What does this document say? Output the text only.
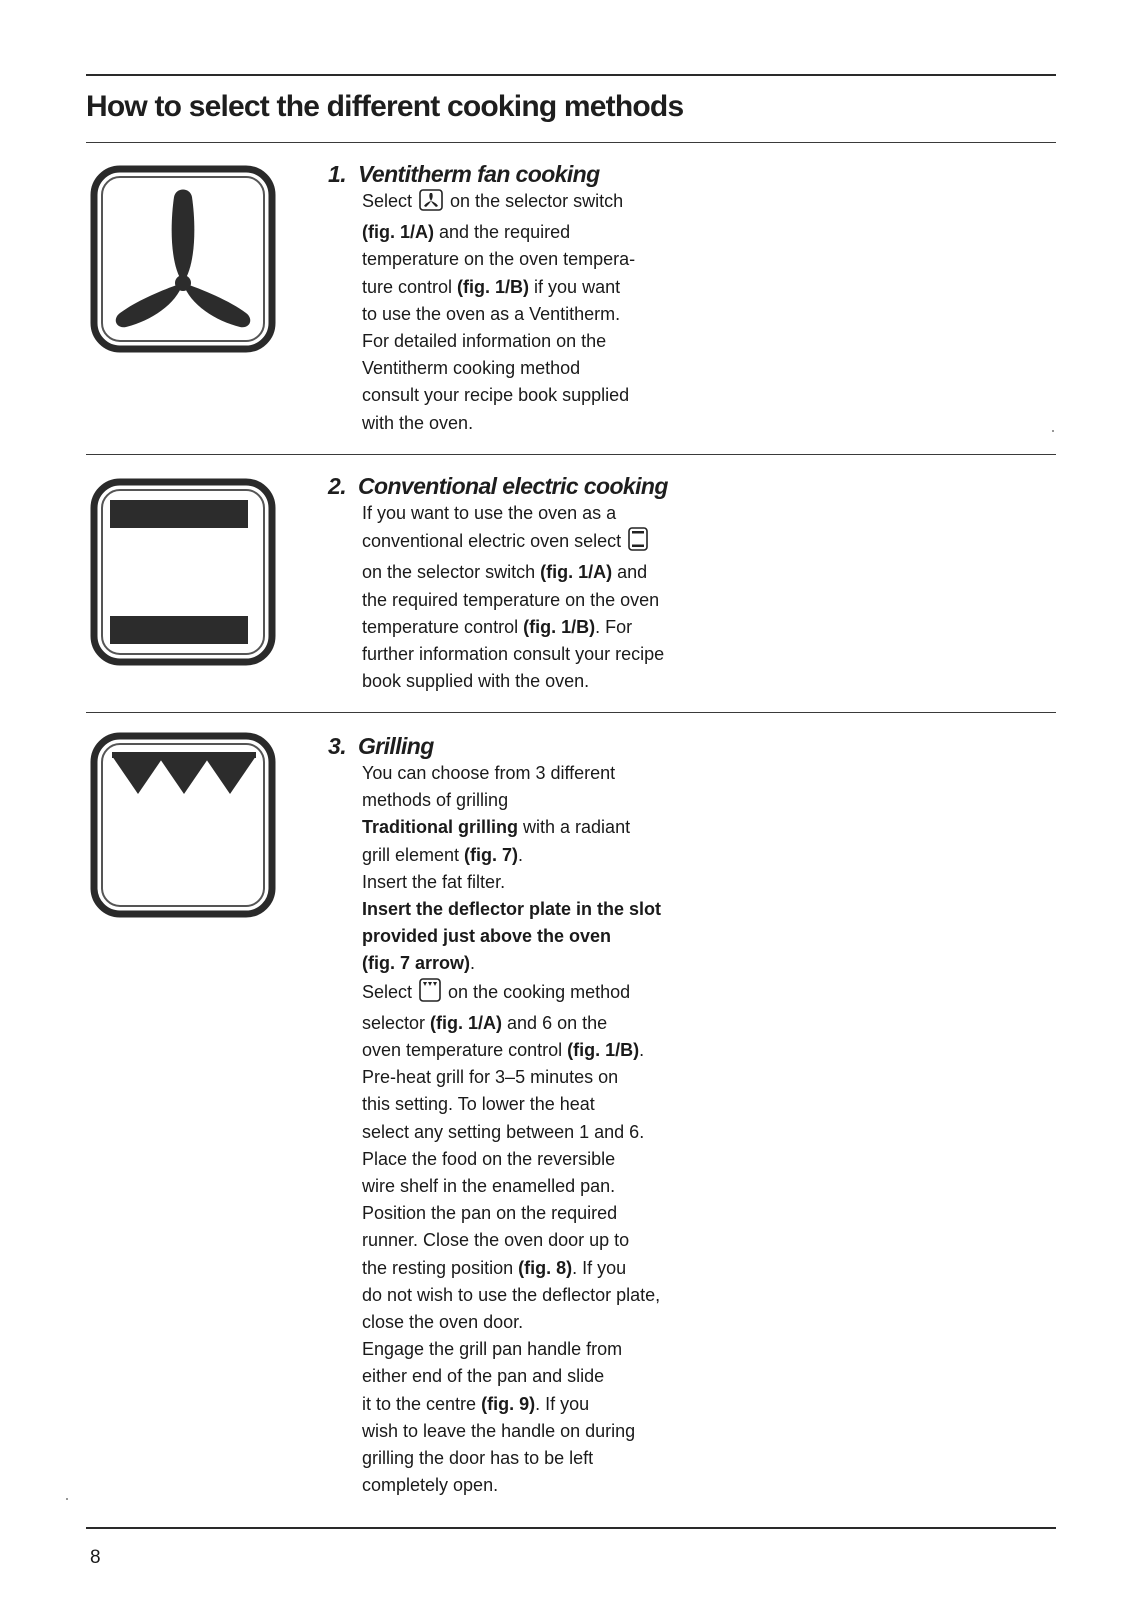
How to select the different cooking methods
1. Ventitherm fan cooking

Select  on the selector switch

(fig. 1/A) and the required

temperature on the oven tempera-

ture control (fig. 1/B) if you want

to use the oven as a Ventitherm.

For detailed information on the

Ventitherm cooking method

consult your recipe book supplied

with the oven.

2. Conventional electric cooking

If you want to use the oven as a

conventional electric oven select

on the selector switch (fig. 1/A) and

the required temperature on the oven

temperature control (fig. 1/B). For

further information consult your recipe

book supplied with the oven.

3. Grilling

You can choose from 3 different

methods of grilling

Traditional grilling with a radiant

grill element (fig. 7).

Insert the fat filter.

Insert the deflector plate in the slot

provided just above the oven

(fig. 7 arrow).

Select  on the cooking method

selector (fig. 1/A) and 6 on the

oven temperature control (fig. 1/B).

Pre-heat grill for 3–5 minutes on

this setting. To lower the heat

select any setting between 1 and 6.

Place the food on the reversible

wire shelf in the enamelled pan.

Position the pan on the required

runner. Close the oven door up to

the resting position (fig. 8). If you

do not wish to use the deflector plate,

close the oven door.

Engage the grill pan handle from

either end of the pan and slide

it to the centre (fig. 9). If you

wish to leave the handle on during

grilling the door has to be left

completely open.

8
